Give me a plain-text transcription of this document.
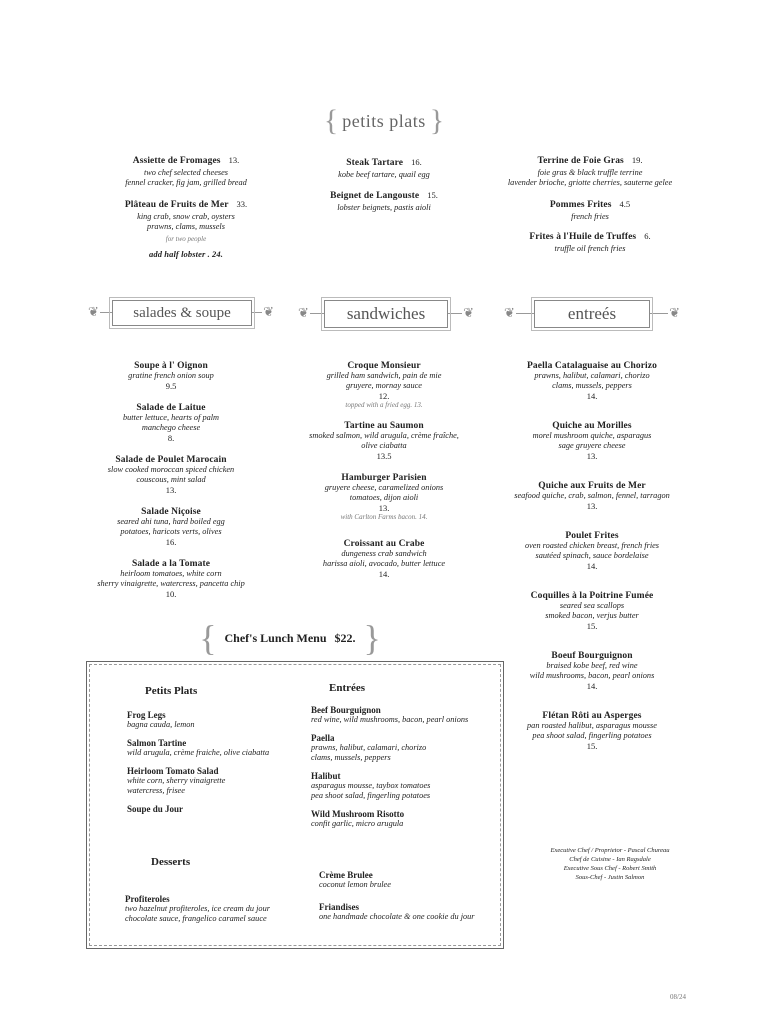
{ petits plats }
Assiette de Fromages 13.
two chef selected cheeses
fennel cracker, fig jam, grilled bread
Plâteau de Fruits de Mer 33.
king crab, snow crab, oysters
prawns, clams, mussels
for two people
add half lobster . 24.
Steak Tartare 16.
kobe beef tartare, quail egg
Beignet de Langouste 15.
lobster beignets, pastis aioli
Terrine de Foie Gras 19.
foie gras & black truffle terrine
lavender brioche, griotte cherries, sauterne gelee
Pommes Frites 4.5
french fries
Frites à l'Huile de Truffes 6.
truffle oil french fries
❦	❦
salades & soupe	❦	❦
sandwiches	❦	❦
entreés
Soupe à l' Oignon
gratine french onion soup
9.5
Salade de Laitue
butter lettuce, hearts of palm
manchego cheese
8.
Salade de Poulet Marocain
slow cooked moroccan spiced chicken
couscous, mint salad
13.
Salade Niçoise
seared ahi tuna, hard boiled egg
potatoes, haricots verts, olives
16.
Salade a la Tomate
heirloom tomatoes, white corn
sherry vinaigrette, watercress, pancetta chip
10.
Croque Monsieur
grilled ham sandwich, pain de mie
gruyere, mornay sauce
12.
topped with a fried egg. 13.
Tartine au Saumon
smoked salmon, wild arugula, crème fraîche,
olive ciabatta
13.5
Hamburger Parisien
gruyere cheese, caramelized onions
tomatoes, dijon aioli
13.
with Carlton Farms bacon. 14.
Croissant au Crabe
dungeness crab sandwich
harissa aioli, avocado, butter lettuce
14.
Paella Catalaguaise au Chorizo
prawns, halibut, calamari, chorizo
clams, mussels, peppers
14.
Quiche au Morilles
morel mushroom quiche, asparagus
sage gruyere cheese
13.
Quiche aux Fruits de Mer
seafood quiche, crab, salmon, fennel, tarragon
13.
Poulet Frites
oven roasted chicken breast, french fries
sautéed spinach, sauce bordelaise
14.
Coquilles à la Poitrine Fumée
seared sea scallops
smoked bacon, verjus butter
15.
Boeuf Bourguignon
braised kobe beef, red wine
wild mushrooms, bacon, pearl onions
14.
Flétan Rôti au Asperges
pan roasted halibut, asparagus mousse
pea shoot salad, fingerling potatoes
15.
{ Chef's Lunch Menu $22. }
Petits Plats
Frog Legs
bagna cauda, lemon
Salmon Tartine
wild arugula, crème fraiche, olive ciabatta
Heirloom Tomato Salad
white corn, sherry vinaigrette
watercress, frisee
Soupe du Jour
Entrées
Beef Bourguignon
red wine, wild mushrooms, bacon, pearl onions
Paella
prawns, halibut, calamari, chorizo
clams, mussels, peppers
Halibut
asparagus mousse, taybox tomatoes
pea shoot salad, fingerling potatoes
Wild Mushroom Risotto
confit garlic, micro arugula
Desserts
Profiteroles
two hazelnut profiteroles, ice cream du jour
chocolate sauce, frangelico caramel sauce
Crème Brulee
coconut lemon brulee
Friandises
one handmade chocolate & one cookie du jour
Executive Chef / Proprietor - Pascal Chureau
Chef de Cuisine - Ian Ragsdale
Executive Sous Chef - Robert Smith
Sous-Chef - Justin Salmon
08/24
